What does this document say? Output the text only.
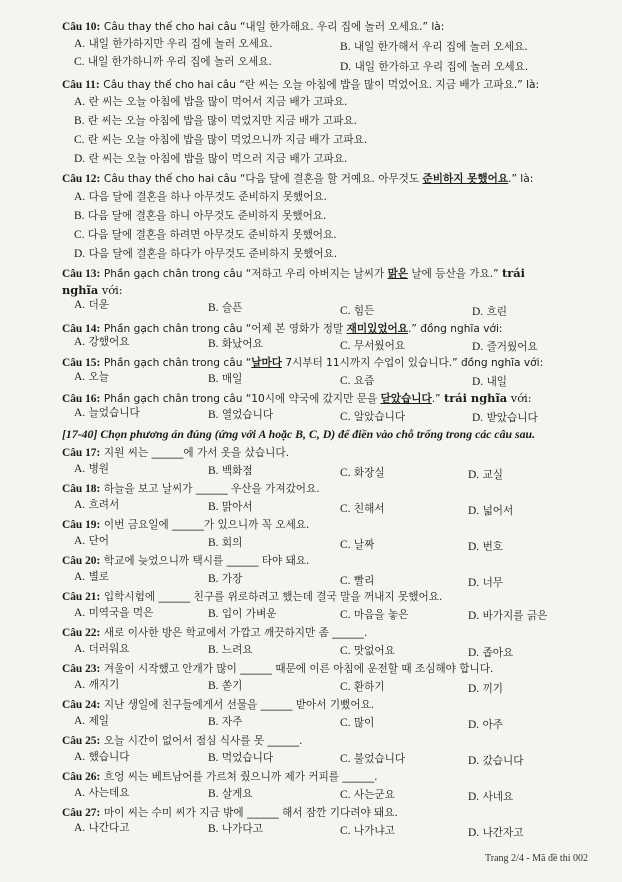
Câu 10: Câu thay thế cho hai câu “내일 한가해요. 우리 집에 놀러 오세요.” là:
A. 내일 한가하지만 우리 집에 놀러 오세요.	B. 내일 한가해서 우리 집에 놀러 오세요.
C. 내일 한가하니까 우리 집에 놀러 오세요.	D. 내일 한가하고 우리 집에 놀러 오세요.
Câu 11: Câu thay thế cho hai câu “란 씨는 오늘 아침에 밥을 많이 먹었어요. 지금 배가 고파요.” là:
A. 란 씨는 오늘 아침에 밥을 많이 먹어서 지금 배가 고파요.
B. 란 씨는 오늘 아침에 밥을 많이 먹었지만 지금 배가 고파요.
C. 란 씨는 오늘 아침에 밥을 많이 먹었으니까 지금 배가 고파요.
D. 란 씨는 오늘 아침에 밥을 많이 먹으러 지금 배가 고파요.
Câu 12: Câu thay thế cho hai câu “다음 달에 결혼을 할 거예요. 아무것도 준비하지 못했어요.” là:
A. 다음 달에 결혼을 하나 아무것도 준비하지 못했어요.
B. 다음 달에 결혼을 하니 아무것도 준비하지 못했어요.
C. 다음 달에 결혼을 하려면 아무것도 준비하지 못했어요.
D. 다음 달에 결혼을 하다가 아무것도 준비하지 못했어요.
Câu 13: Phần gạch chân trong câu “저하고 우리 아버지는 날씨가 맑은 날에 등산을 가요.” trái
nghĩa với:
A. 더운	B. 슬픈	C. 힘든	D. 흐린
Câu 14: Phần gạch chân trong câu “어제 본 영화가 정말 재미있었어요.” đồng nghĩa với:
A. 강했어요	B. 화났어요	C. 무서웠어요	D. 즐거웠어요
Câu 15: Phần gạch chân trong câu “날마다 7시부터 11시까지 수업이 있습니다.” đồng nghĩa với:
A. 오늘	B. 매일	C. 요즘	D. 내일
Câu 16: Phần gạch chân trong câu “10시에 약국에 갔지만 문을 닫았습니다.” trái nghĩa với:
A. 늘었습니다	B. 열었습니다	C. 알았습니다	D. 받았습니다
[17-40] Chọn phương án đúng (ứng với A hoặc B, C, D) để điền vào chỗ trống trong các câu sau.
Câu 17: 지원 씨는 ______에 가서 옷을 샀습니다.
A. 병원	B. 백화점	C. 화장실	D. 교실
Câu 18: 하늘을 보고 날씨가 ______ 우산을 가져갔어요.
A. 흐려서	B. 맑아서	C. 친해서	D. 넓어서
Câu 19: 이번 금요일에 ______가 있으니까 꼭 오세요.
A. 단어	B. 회의	C. 날짜	D. 번호
Câu 20: 학교에 늦었으니까 택시를 ______ 타야 돼요.
A. 별로	B. 가장	C. 빨리	D. 너무
Câu 21: 입학시험에 ______ 친구를 위로하려고 했는데 결국 말을 꺼내지 못했어요.
A. 미역국을 먹은	B. 입이 가벼운	C. 마음을 놓은	D. 바가지를 긁은
Câu 22: 새로 이사한 방은 학교에서 가깝고 깨끗하지만 좀 ______.
A. 더러워요	B. 느려요	C. 맛없어요	D. 좁아요
Câu 23: 겨울이 시작했고 안개가 많이 ______ 때문에 이른 아침에 운전할 때 조심해야 합니다.
A. 깨지기	B. 쏟기	C. 환하기	D. 끼기
Câu 24: 지난 생일에 친구들에게서 선물을 ______ 받아서 기뻤어요.
A. 제일	B. 자주	C. 많이	D. 아주
Câu 25: 오늘 시간이 없어서 점심 식사를 못 ______.
A. 했습니다	B. 먹었습니다	C. 불었습니다	D. 갔습니다
Câu 26: 흐엉 씨는 베트남어를 가르쳐 줬으니까 제가 커피를 ______.
A. 사는데요	B. 살게요	C. 사는군요	D. 사네요
Câu 27: 마이 씨는 수미 씨가 지금 밖에 ______ 해서 잠깐 기다려야 돼요.
A. 나간다고	B. 나가다고	C. 나가냐고	D. 나간자고
Trang 2/4 - Mã đề thi 002
